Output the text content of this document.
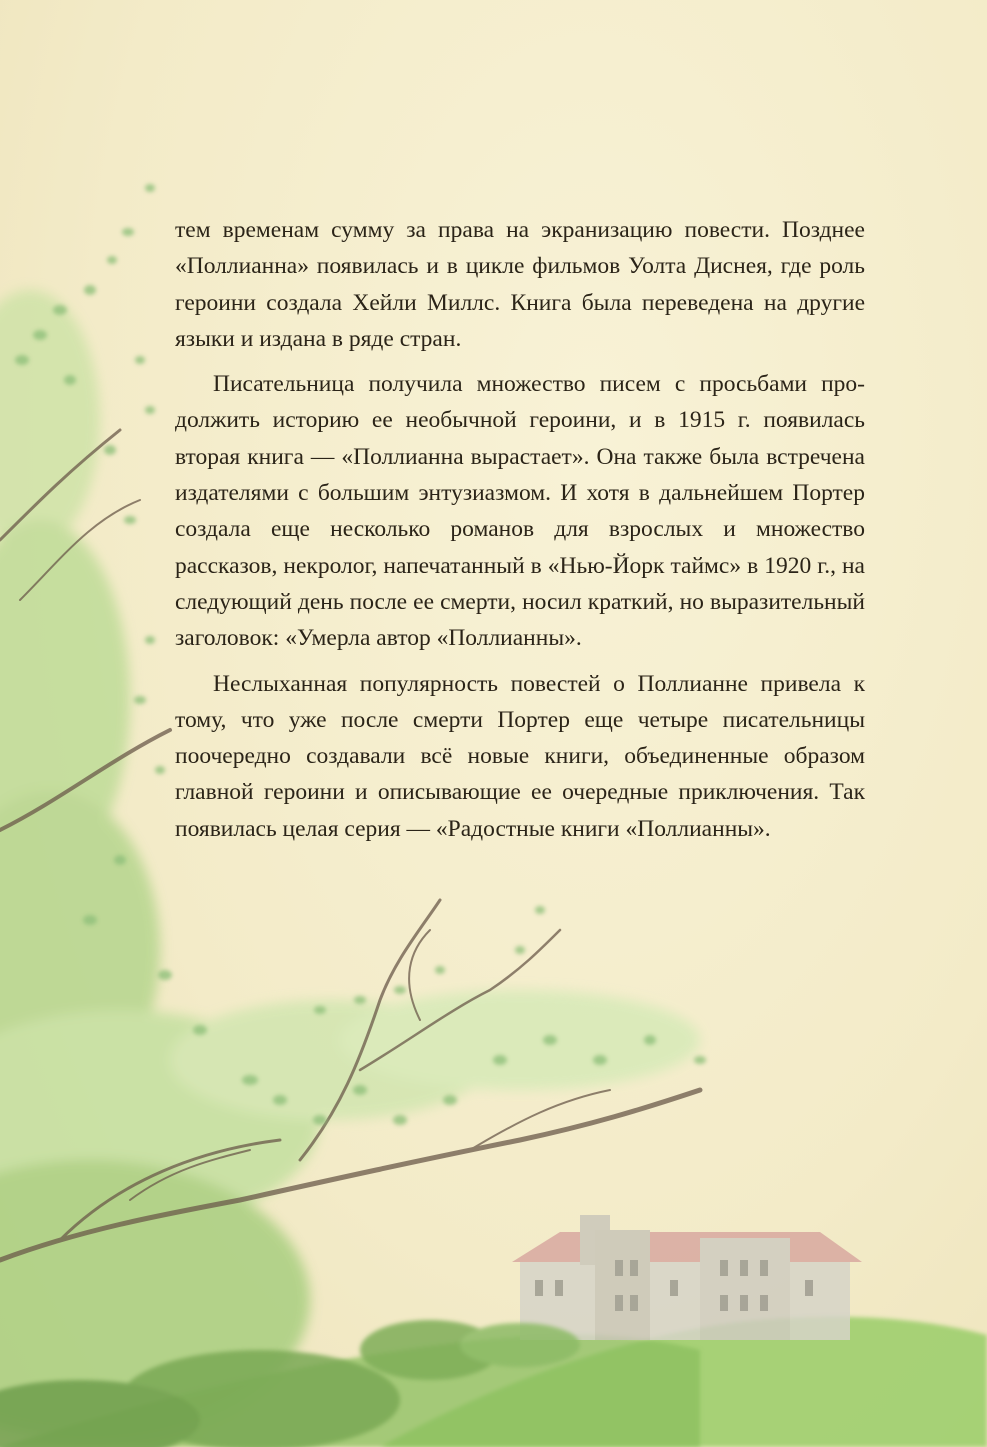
тем временам сумму за права на экранизацию повести. Позднее «Поллианна» появилась и в цикле фильмов Уолта Диснея, где роль героини создала Хейли Миллс. Книга была переведена на другие языки и издана в ряде стран.

Писательница получила множество писем с просьбами продолжить историю ее необычной героини, и в 1915 г. появилась вторая книга — «Поллианна вырастает». Она также была встречена издателями с большим энтузиазмом. И хотя в дальнейшем Портер создала еще несколько романов для взрослых и множество рассказов, некролог, напечатанный в «Нью-Йорк таймс» в 1920 г., на следующий день после ее смерти, носил краткий, но выразительный заголовок: «Умерла автор «Поллианны».

Неслыханная популярность повестей о Поллианне привела к тому, что уже после смерти Портер еще четыре писательницы поочередно создавали всё новые книги, объединенные образом главной героини и описывающие ее очередные приключения. Так появилась целая серия — «Радостные книги «Поллианны».
